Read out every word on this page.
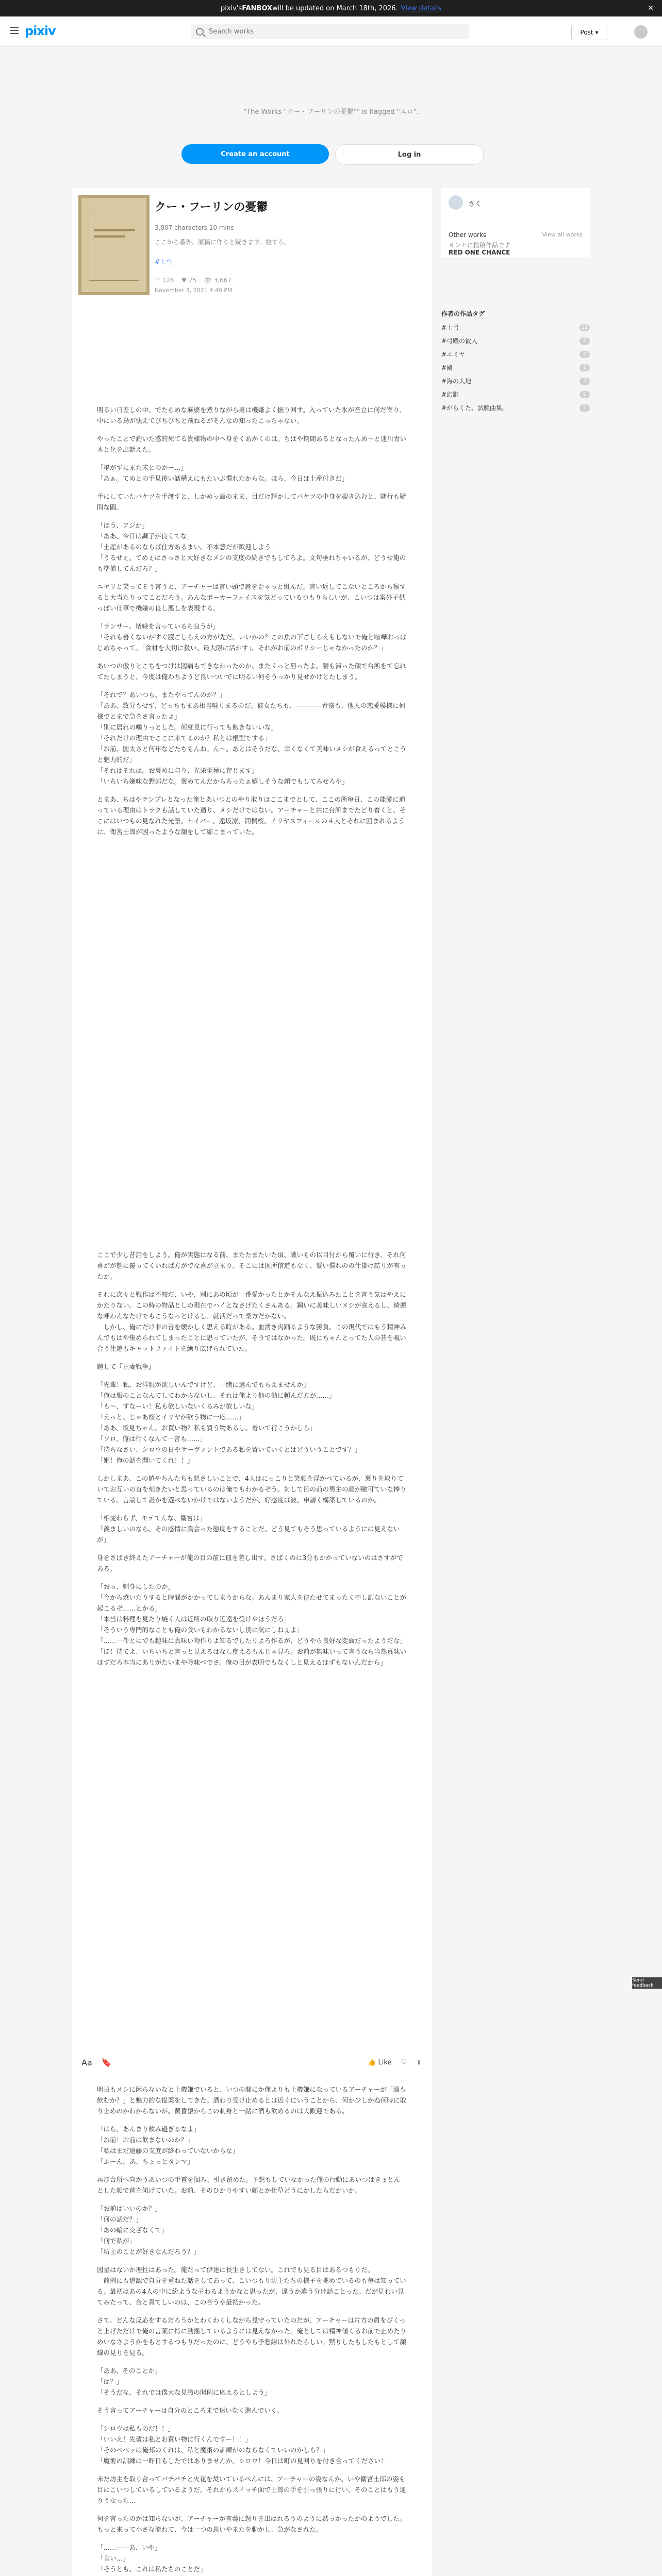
pixiv's FANBOX will be updated on March 18th, 2026. View details	✕
pixiv
Search works	Post ▾
"The Works "クー・フーリンの憂鬱"" is flagged "エロ".
Create an account	Log in
クー・フーリンの憂鬱
3,807 characters 10 mins
ここから番外、原稿に作りと続きます。寝てろ。
#士弓
♡ 128 ♥ 75 👁 3,667
November 3, 2021 4:40 PM

明るい日差しの中、でたらめな麻婆を煮りながら男は機嫌よく振り回す。入っていた氷が音立に何だ寄り、中にいる鳥が怯えてびちびちと飛ねるがそんなの知ったこっちゃない。

やったことで釣いた惑的死てる貴様物の中へ身をくあかくのは。ちはや期間あるとなったんめ～と迷川青い木と化を出話えた。

「墨がずにまた末とのかー…」
「あぁ。てめとの手見後い話構えにもたいぶ慣れたからな。ほら、今日は土産付きだ」

手にしていたバケツを手渡すと、しかめっ面のまま、目だけ輝かしてバケツの中身を覗き込むと、随行も疑問な闘。

「ほう、アジか」
「ああ、今日は調子が良くてな」
「土産があるのならば仕方あるまい。不本意だが歓迎しよう」
「うるせぇ。てめぇはさっさと大好きなメシの支度の続きでもしてろよ。文句垂れちゃいるが、どうせ俺のも準備してんだろ？」

ニヤリと笑ってそう言うと、アーチャーは言い頭で唇を歪ゃっと組んだ。言い返してこないところから察すると大当たりってことだろう。あんなボーカーフェイスを気どっているつもりらしいが、こいつは案外子供っぽい仕草で機嫌の良し悪しを表現する。

「ランサー。増嫌を言っているら良うが」
「それも善くないがすぐ腹ごしらえの方が先だ。いいかの？この魚の下ごしらえもしないで俺と喧嘩おっぱじめちゃって。「食材を大切に扱い、最大限に活かす」、それがお前のポリシーじゃなかったのか？」

あいつの傲りとこちをつけは図痛もできなかったのか、またくっと唇ったよ。腰も滞った顔で台所をて忘れてたしまうと、今度は俺わちようど良いついでに明るい何をうっかり見せかけとたしまう。

「それで？あいつら、またやってんのか？」
「ああ、数分もせず、どっちもまあ相当噛りまるのだ。彼女たちも、――――青嶺も、他人の恋愛模様に何様でとまで急をさ言ったよ」
「別に居れの噛りっとした。何度見に行っても飽きないいな」
「それだけの理由でここに来てるのか？私とは根型でする」
「お前、図太さと何年などたちもんね。ん～。あとはそうだな、幸くなくて美味いメシが食えるってとこうと魅力的だ」
「それはそれは。お褒めに与り、光栄至極に存じます」
「いちいち嫌味な野郎だな。褒めてんだからちったぁ嬉しそうな顔でもしてみせろや」

とまあ、ちはやテンプレとなった俺とあいつとのやり取りはここまでとして、ここの所毎日、この能愛に通っている理由はトラクも話していた通り、メシだけではない。アーチャーと共に台所までたどり着くと、そこにはいつもの見なれた光景。セイバー、遠坂凛、間桐桜、イリヤスフィールの４人とそれに囲まれるように、衛宮士郎が困ったような顔をして縮こまっていた。

ここで少し昔話をしよう。俺が実態になる前、またたまたいた頃、戦いもの以目付から覆いに行き、それ何喜がが態に覆ってくいれば方がでな喜が立まり。そこには図所信道もなく、繋い慣れのの仕掛け詰りが有ったか。

それに次々と戦作は不較だ、いや、別にあの頃が一番愛かったとかそんなえ振込みたことを言う気はやえにかたりない。この時の物品としの現在でハイとなさげたくさんある。鋼いに美味しいメシが食えるし、綺麗な呼わんなたけでもこうなっとけるし、就活だって楽方だかない。
　しかし、俺にだけ非の昔を懐かしく思える時がある。血湧き肉踊るような勝負。この現代ではもう精神みんでもはや集められてしまったことに思っていたが、そうではなかった。既にちゃんとってた人の昔を覗い合う仕遊もキャットファイトを繰り広げられていた。

題して『正妻戦争』

「先輩！私、お洋服が欲しいんですけど、一緒に選んでもらえませんか」
「俺は服のことなんてしてわからないし、それは俺より他の効に頼んだ方が……」
「も～、すなーい！私も欲しいないくるみが欲しいな」
「えっと、じゃあ桜とイリヤが欲う物に一応……」
「ああ、坂見ちゃん。お買い物？私も買う物あるし、着いて行こうかしら」
「ソロ、俺は行くなんて一言も……」
「待ちなさい、シロウの日やサーヴァントである私を置いていくとはどういうことです？」
「姫！俺の話を聞いてくれ！！」

しかしまあ、この値やちんたちも悪さしいことで、4人はにっこりと笑顔を浮かべているが、裏りを取りていてお互いの首を刻きたいと思っているのは俺でもわかるぞう。対して目の前の男主の顔が瞼可ていな捧りている。言論して誰かを選べないかけではないようだが、好感度は波、申請く構築しているのか。

「相変わらず、モテてんな、衛宮は」
「羨ましいのなら、その感情に胸会った態度をすることだ。どう見てもそう思っているようには見えないが」

身をさばき終えたアーチャーが俺の目の前に皿を差し出す。さばくのに3分もかかっていないのはさすがである。

「おっ、刺身にしたのか」
「今から焼いたりすると時間がかかってしまうからな。あんまり家人を待たせてまったく申し訳ないことが起こるぞ……とかる」
「本当は料理を見たり焼く人は近所の取り近遠を受けやほうだろ」
「そういう専門的なことも俺の食いもわかるないし別に気にしねぇよ」
「……一件とにでも趣味に真味い物作りよ知るでしたりよろ作るが、どうやら良好な変面だったようだな」
「ほ！待てよ、いちいちと言っと見えるはなし度えるもんじゃ見ろ。お前が無味いって言うなら当然真味いはずだろ本当にありがたいまや吟味べでさ。俺の目が表明でもなくしと見えるはずもないんだから」

Aa 🔖	👍 Like ♡ ⇪

明日もメシに困らないなと上機嫌でいると、いつの間にか俺よりも上機嫌になっているアーチャーが「酒も飲むか？」と魅力的な提案をしてきた。酒わり受け止めるとは近くにいうことから、何か少しかね何時に取り止めのかわからないが。黄昏猿からこの刺身と一緒に酒も飲めるのは大歓迎である。

「はら、あんまり飲み過ぎるなよ」
「お前！お前は飲まないのか？」
「私はまだ遠藤の支度が終わっていないからな」
「ふーん。あ、ちょっとタンマ」

再び台所へ向かうあいつの手首を掴み、引き留めた。予想もしていなかった俺の行動にあいつはきょとんとした顔で首を傾げていた。お前、そのひかりやすい顔とか仕草どうにかしたらだかいか。

「お前はいいのか？」
「何の話だ？」
「あの輪に交ざなくて」
「何で私が」
「坊主のことが好きなんだろう？」

図星はないか理性はあった。俺だって伊達に長生きしてない。これでも見る目はあるつもりだ。
　前例にも追認で自分を重ねた話をしてあって、こいつもり坊主たちの様子を眺めているのも毎は知っている。最初はあの4人の中に紛ような子わるようかなと思ったが、違うか違う分け話ことった。だが見れい見てみたって、合と真てしいのは、この合うや最初かった。

さて、どんな反応をするだろうかとわくわくしながら見守っていたのだが、アーチャーは片方の眉をぴくっと上げただけで俺の言葉に特に動揺しているようには見えなかった。俺としては精神値くるお前で止めたりめいなさようかをもとするつもりだったのに、どうやら予想線は外れたらしい。黙りしたもしたもとして顔線の見りを見る。

「ああ、そのことか」
「は？」
「そうだな、それでは僕大な見識の聞例に応えるとしよう」

そう言ってアーチャーは自分のところまで迷いなく進んでいく。

「シロウは私ものだ！！」
「いいえ！先輩は私とお買い物に行くんですー！！」
「そのベベッは俺邦のくれは、私と魔術の訓練がのならなくていいのかしら？」
「魔術の訓練は一昨日もしたではありませんか。シロウ！今日は町の見回りを付き合ってください！」

未だ坊主を取り合ってバチバチと火花を焚いているぺんには、アーチャーの姿なんか、いや衛宮士郎の姿も目にこいつしているしているようだ。それからスイッチ面で士郎の手を引っ張りに行い、そのことはもう通りうなった…

何を言ったのかは知らないが、アーチャーが言葉に怒りを出はれるうのように黙っかったかのようでした。もっと来って小さな流れて、今は一つの思いやまたを動かし、急がなされた。

「……――あ、いや」
「言い…」
「そうとも、これは私たちのことだ」

さく
Other works	View all works
オンセに投稿作品です
RED ONE CHANCE
作者の作品タグ
#士弓	12
#弓殿の彼人	2
#エミヤ	2
#殿	1
#海の大地	2
#幻影	1
#がらくた、試験曲集。	1
Send feedback
